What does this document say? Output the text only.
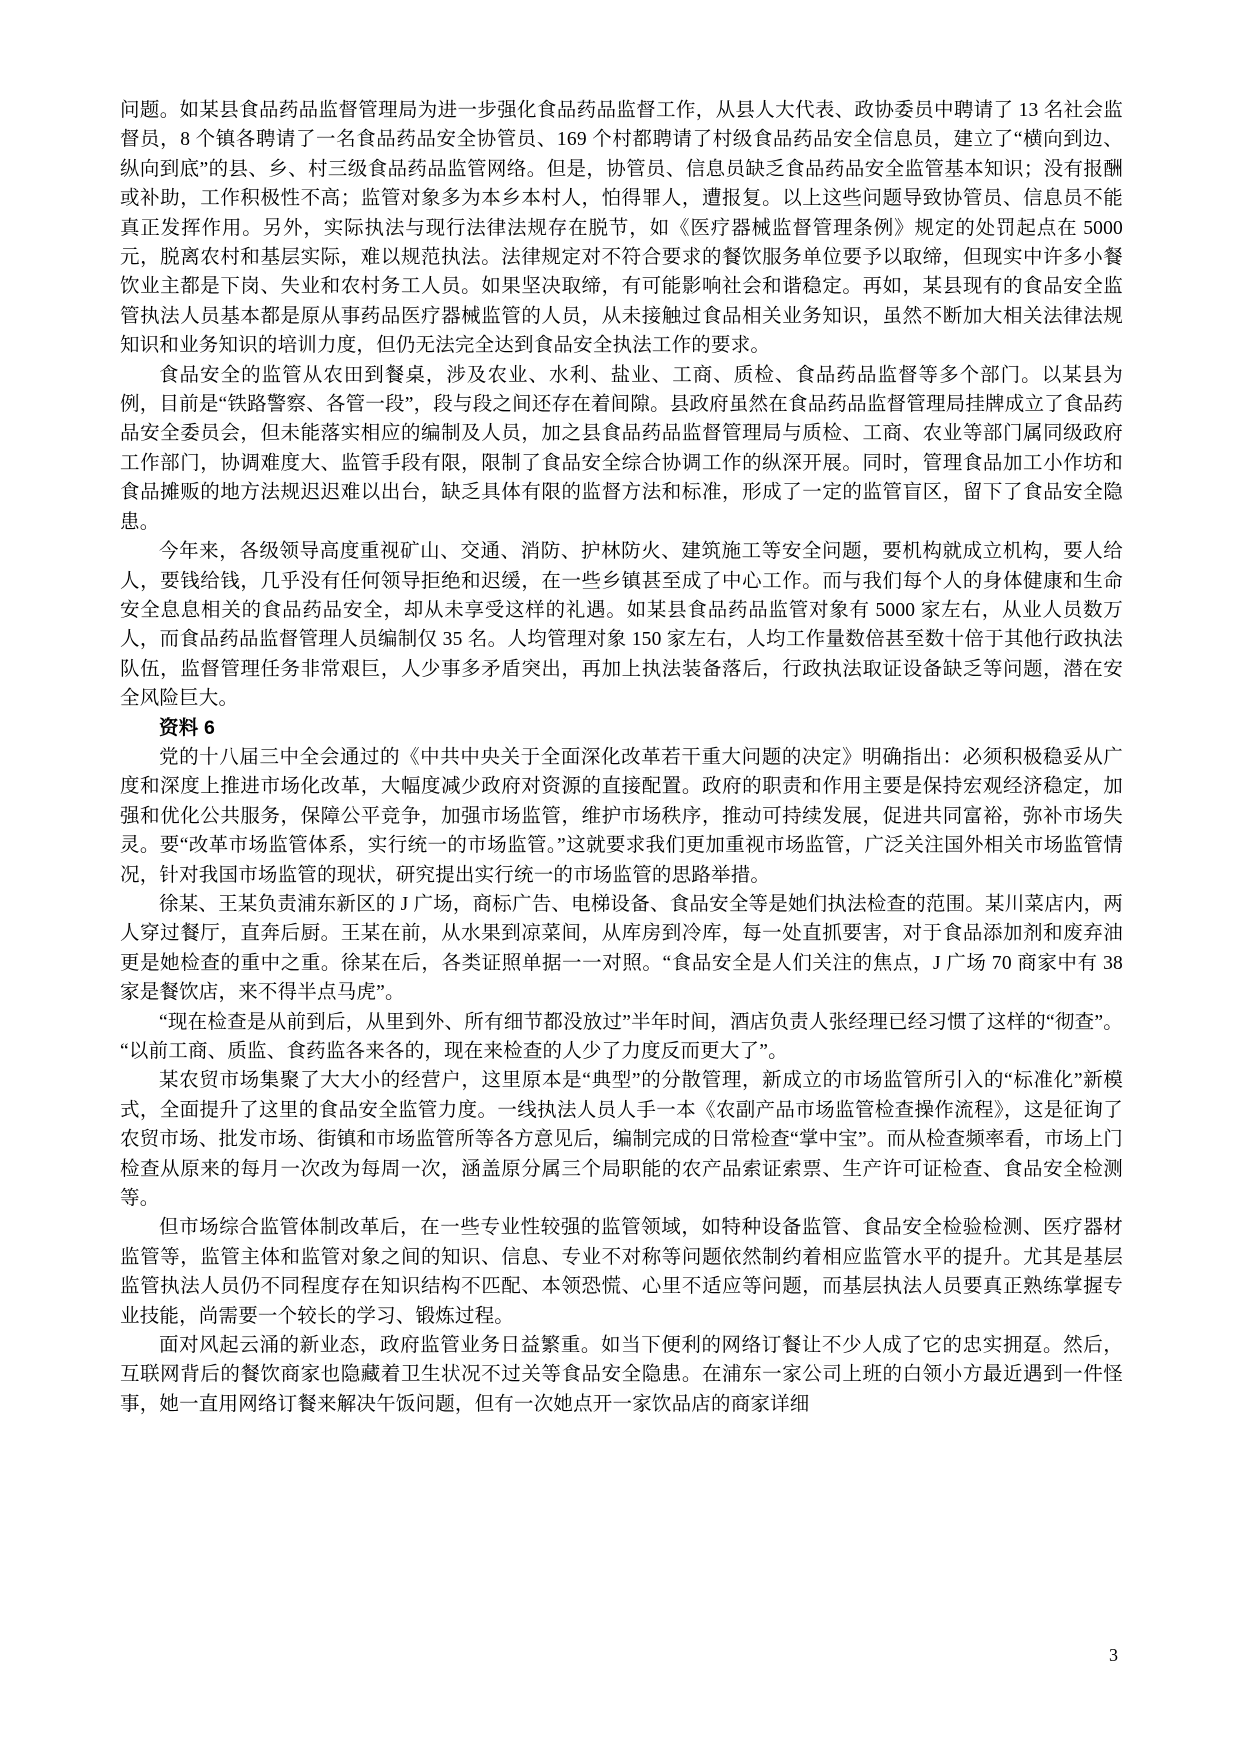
问题。如某县食品药品监督管理局为进一步强化食品药品监督工作，从县人大代表、政协委员中聘请了 13 名社会监督员，8 个镇各聘请了一名食品药品安全协管员、169 个村都聘请了村级食品药品安全信息员，建立了“横向到边、纵向到底”的县、乡、村三级食品药品监管网络。但是，协管员、信息员缺乏食品药品安全监管基本知识；没有报酬或补助，工作积极性不高；监管对象多为本乡本村人，怕得罪人，遭报复。以上这些问题导致协管员、信息员不能真正发挥作用。另外，实际执法与现行法律法规存在脱节，如《医疗器械监督管理条例》规定的处罚起点在 5000 元，脱离农村和基层实际，难以规范执法。法律规定对不符合要求的餐饮服务单位要予以取缔，但现实中许多小餐饮业主都是下岗、失业和农村务工人员。如果坚决取缔，有可能影响社会和谐稳定。再如，某县现有的食品安全监管执法人员基本都是原从事药品医疗器械监管的人员，从未接触过食品相关业务知识，虽然不断加大相关法律法规知识和业务知识的培训力度，但仍无法完全达到食品安全执法工作的要求。

食品安全的监管从农田到餐桌，涉及农业、水利、盐业、工商、质检、食品药品监督等多个部门。以某县为例，目前是“铁路警察、各管一段”，段与段之间还存在着间隙。县政府虽然在食品药品监督管理局挂牌成立了食品药品安全委员会，但未能落实相应的编制及人员，加之县食品药品监督管理局与质检、工商、农业等部门属同级政府工作部门，协调难度大、监管手段有限，限制了食品安全综合协调工作的纵深开展。同时，管理食品加工小作坊和食品摊贩的地方法规迟迟难以出台，缺乏具体有限的监督方法和标准，形成了一定的监管盲区，留下了食品安全隐患。

今年来，各级领导高度重视矿山、交通、消防、护林防火、建筑施工等安全问题，要机构就成立机构，要人给人，要钱给钱，几乎没有任何领导拒绝和迟缓，在一些乡镇甚至成了中心工作。而与我们每个人的身体健康和生命安全息息相关的食品药品安全，却从未享受这样的礼遇。如某县食品药品监管对象有 5000 家左右，从业人员数万人，而食品药品监督管理人员编制仅 35 名。人均管理对象 150 家左右，人均工作量数倍甚至数十倍于其他行政执法队伍，监督管理任务非常艰巨，人少事多矛盾突出，再加上执法装备落后，行政执法取证设备缺乏等问题，潜在安全风险巨大。

资料 6

党的十八届三中全会通过的《中共中央关于全面深化改革若干重大问题的决定》明确指出：必须积极稳妥从广度和深度上推进市场化改革，大幅度减少政府对资源的直接配置。政府的职责和作用主要是保持宏观经济稳定，加强和优化公共服务，保障公平竞争，加强市场监管，维护市场秩序，推动可持续发展，促进共同富裕，弥补市场失灵。要“改革市场监管体系，实行统一的市场监管。”这就要求我们更加重视市场监管，广泛关注国外相关市场监管情况，针对我国市场监管的现状，研究提出实行统一的市场监管的思路举措。

徐某、王某负责浦东新区的 J 广场，商标广告、电梯设备、食品安全等是她们执法检查的范围。某川菜店内，两人穿过餐厅，直奔后厨。王某在前，从水果到凉菜间，从库房到冷库，每一处直抓要害，对于食品添加剂和废弃油更是她检查的重中之重。徐某在后，各类证照单据一一对照。“食品安全是人们关注的焦点，J 广场 70 商家中有 38 家是餐饮店，来不得半点马虎”。

“现在检查是从前到后，从里到外、所有细节都没放过”半年时间，酒店负责人张经理已经习惯了这样的“彻查”。“以前工商、质监、食药监各来各的，现在来检查的人少了力度反而更大了”。

某农贸市场集聚了大大小的经营户，这里原本是“典型”的分散管理，新成立的市场监管所引入的“标准化”新模式，全面提升了这里的食品安全监管力度。一线执法人员人手一本《农副产品市场监管检查操作流程》，这是征询了农贸市场、批发市场、街镇和市场监管所等各方意见后，编制完成的日常检查“掌中宝”。而从检查频率看，市场上门检查从原来的每月一次改为每周一次，涵盖原分属三个局职能的农产品索证索票、生产许可证检查、食品安全检测等。

但市场综合监管体制改革后，在一些专业性较强的监管领域，如特种设备监管、食品安全检验检测、医疗器材监管等，监管主体和监管对象之间的知识、信息、专业不对称等问题依然制约着相应监管水平的提升。尤其是基层监管执法人员仍不同程度存在知识结构不匹配、本领恐慌、心里不适应等问题，而基层执法人员要真正熟练掌握专业技能，尚需要一个较长的学习、锻炼过程。

面对风起云涌的新业态，政府监管业务日益繁重。如当下便利的网络订餐让不少人成了它的忠实拥趸。然后，互联网背后的餐饮商家也隐藏着卫生状况不过关等食品安全隐患。在浦东一家公司上班的白领小方最近遇到一件怪事，她一直用网络订餐来解决午饭问题，但有一次她点开一家饮品店的商家详细

3
